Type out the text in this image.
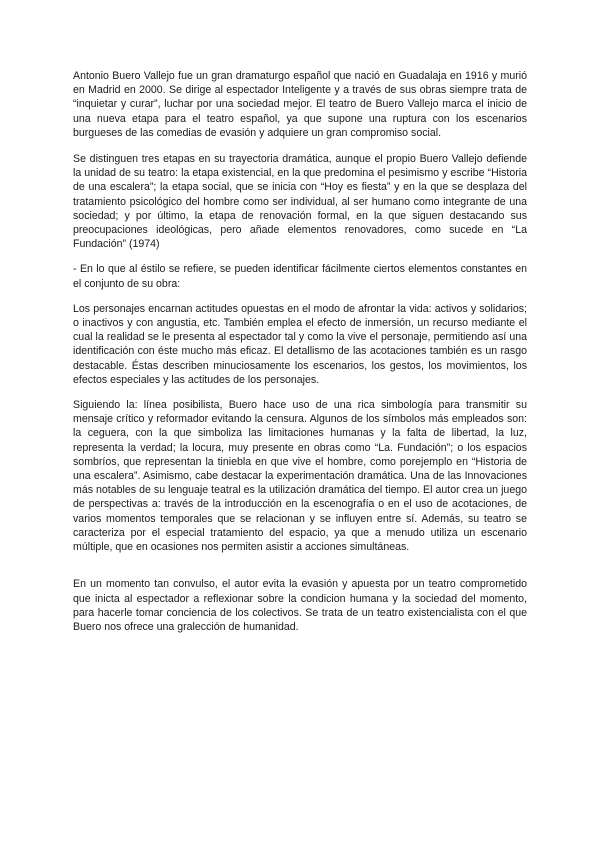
Antonio Buero Vallejo fue un gran dramaturgo español que nació en Guadalaja en 1916 y murió en Madrid en 2000. Se dirige al espectador Inteligente y a través de sus obras siempre trata de “inquietar y curar”, luchar por una sociedad mejor. El teatro de Buero Vallejo marca el inicio de una nueva etapa para el teatro español, ya que supone una ruptura con los escenarios burgueses de las comedias de evasión y adquiere un gran compromiso social.

Se distinguen tres etapas en su trayectoria dramática, aunque el propio Buero Vallejo defiende la unidad de su teatro: la etapa existencial, en la que predomina el pesimismo y escribe “Historia de una escalera”; la etapa social, que se inicia con “Hoy es fiesta” y en la que se desplaza del tratamiento psicológico del hombre como ser individual, al ser humano como integrante de una sociedad; y por último, la etapa de renovación formal, en la que siguen destacando sus preocupaciones ideológicas, pero añade elementos renovadores, como sucede en “La Fundación” (1974)

- En lo que al éstilo se refiere, se pueden identificar fácilmente ciertos elementos constantes en el conjunto de su obra:

Los personajes encarnan actitudes opuestas en el modo de afrontar la vida: activos y solidarios; o inactivos y con angustia, etc. También emplea el efecto de inmersión, un recurso mediante el cual la realidad se le presenta al espectador tal y como la vive el personaje, permitiendo así una identificación con éste mucho más eficaz. El detallismo de las acotaciones también es un rasgo destacable. Éstas describen minuciosamente los escenarios, los gestos, los movimientos, los efectos especiales y las actitudes de los personajes.

Siguiendo la: línea posibilista, Buero hace uso de una rica simbología para transmitir su mensaje crítico y reformador evitando la censura. Algunos de los símbolos más empleados son: la ceguera, con la que simboliza las limitaciones humanas y la falta de libertad, la luz, representa la verdad; la locura, muy presente en obras como “La. Fundación”; o los espacios sombríos, que representan la tiniebla en que vive el hombre, como porejemplo en “Historia de una escalera”. Asimismo, cabe destacar la experimentación dramática. Una de las Innovaciones más notables de su lenguaje teatral es la utilización dramática del tiempo. El autor crea un juego de perspectivas a: través de la introducción en la escenografía o en el uso de acotaciones, de varios momentos temporales que se relacionan y se influyen entre sí. Además, su teatro se caracteriza por el especial tratamiento del espacio, ya que a menudo utiliza un escenario múltiple, que en ocasiones nos permiten asistir a acciones simultáneas.

En un momento tan convulso, el autor evita la evasión y apuesta por un teatro comprometido que inicta al espectador a reflexionar sobre la condicion humana y la sociedad del momento, para hacerle tomar conciencia de los colectivos. Se trata de un teatro existencialista con el que Buero nos ofrece una gralección de humanidad.
